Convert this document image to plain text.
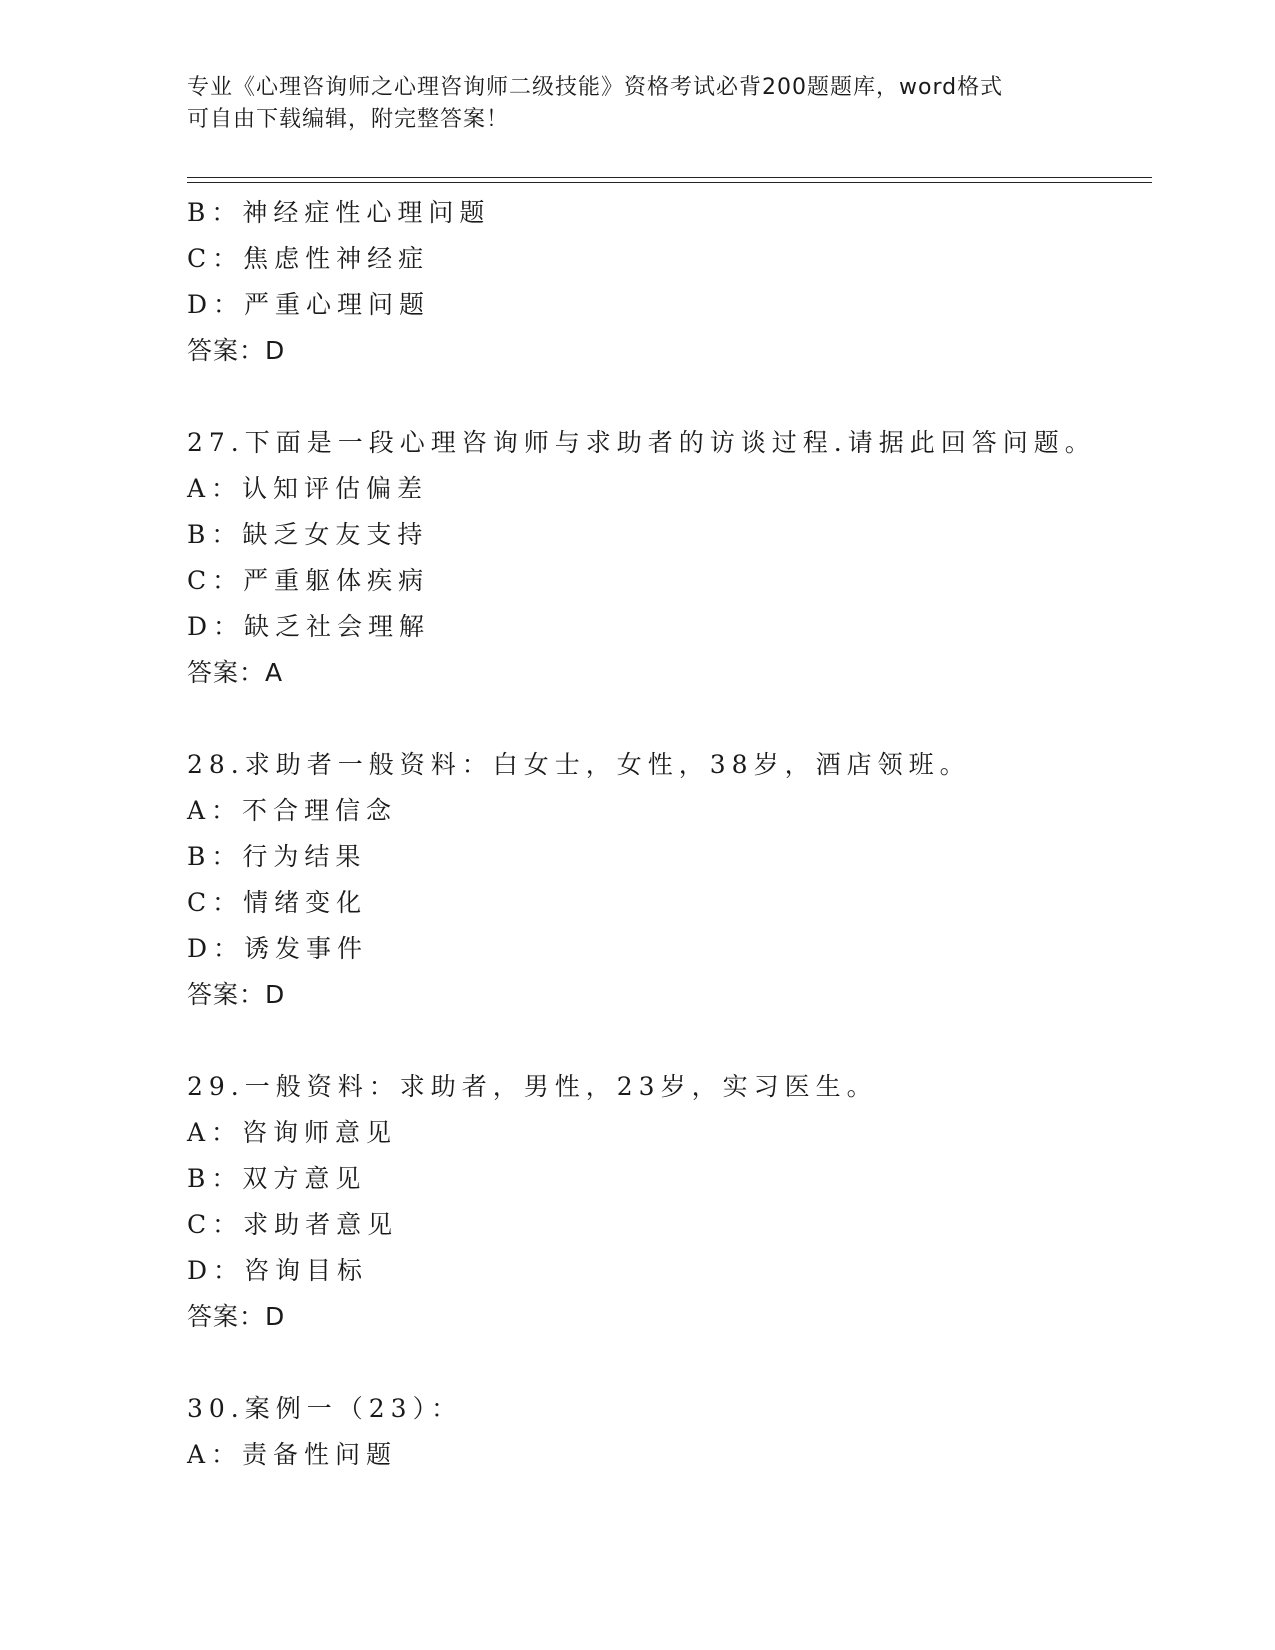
专业《心理咨询师之心理咨询师二级技能》资格考试必背200题题库，word格式
可自由下载编辑，附完整答案！
B：神经症性心理问题
C：焦虑性神经症
D：严重心理问题
答案：D
27.下面是一段心理咨询师与求助者的访谈过程.请据此回答问题。
A：认知评估偏差
B：缺乏女友支持
C：严重躯体疾病
D：缺乏社会理解
答案：A
28.求助者一般资料：白女士，女性，38岁，酒店领班。
A：不合理信念
B：行为结果
C：情绪变化
D：诱发事件
答案：D
29.一般资料：求助者，男性，23岁，实习医生。
A：咨询师意见
B：双方意见
C：求助者意见
D：咨询目标
答案：D
30.案例一（23）：
A：责备性问题
